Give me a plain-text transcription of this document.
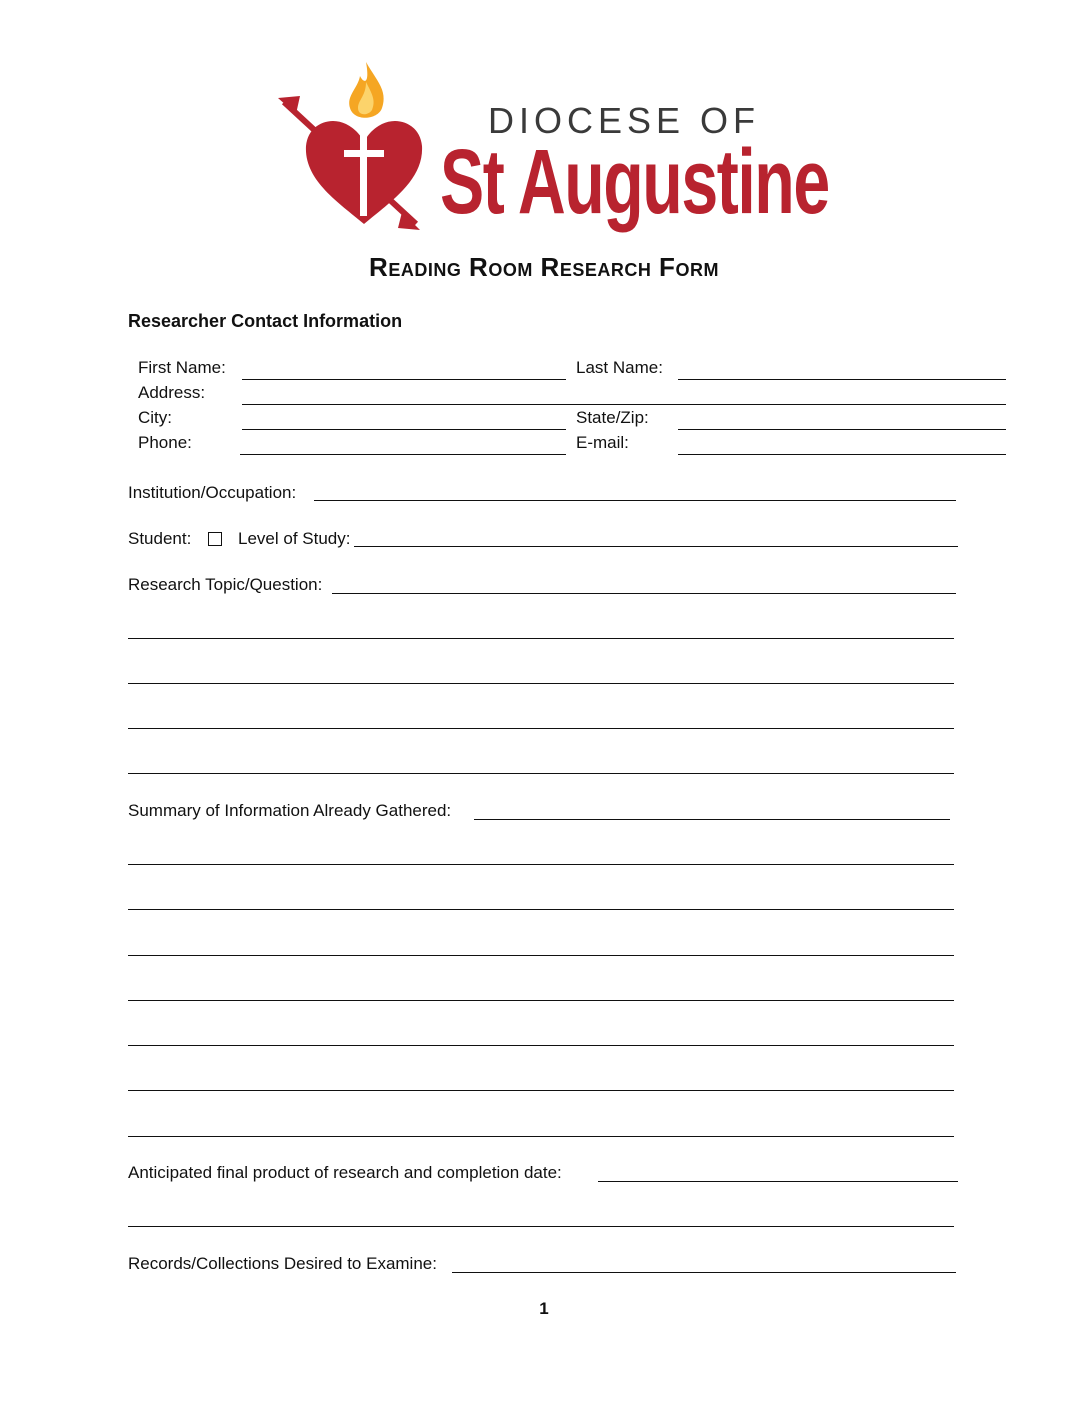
DIOCESE OF
St Augustine
Reading Room Research Form
Researcher Contact Information
First Name:	Last Name:
Address:
City:	State/Zip:
Phone:	E-mail:
Institution/Occupation:
Student:	Level of Study:
Research Topic/Question:
Summary of Information Already Gathered:
Anticipated final product of research and completion date:
Records/Collections Desired to Examine:
1
